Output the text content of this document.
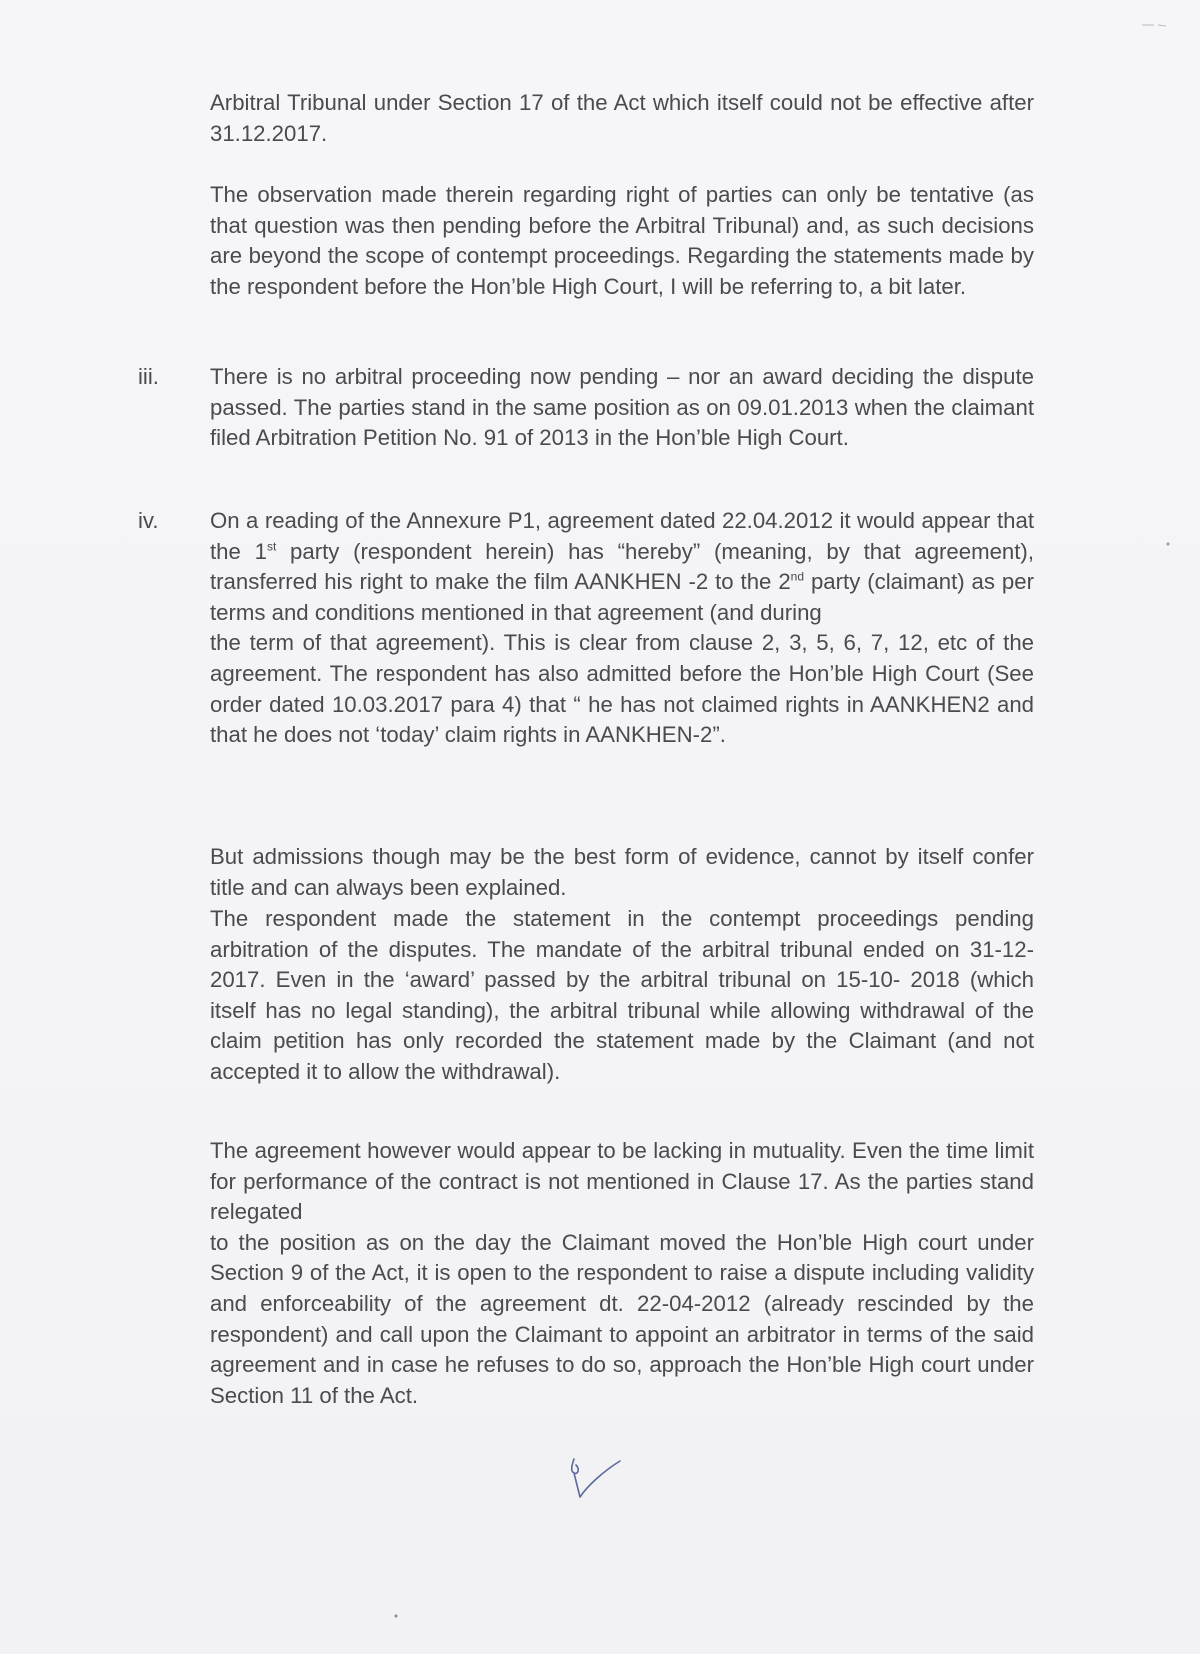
Arbitral Tribunal under Section 17 of the Act which itself could not be effective after 31.12.2017.

The observation made therein regarding right of parties can only be tentative (as that question was then pending before the Arbitral Tribunal) and, as such decisions are beyond the scope of contempt proceedings. Regarding the statements made by the respondent before the Hon’ble High Court, I will be referring to, a bit later.

iii. There is no arbitral proceeding now pending – nor an award deciding the dispute passed. The parties stand in the same position as on 09.01.2013 when the claimant filed Arbitration Petition No. 91 of 2013 in the Hon’ble High Court.

iv. On a reading of the Annexure P1, agreement dated 22.04.2012 it would appear that the 1st party (respondent herein) has “hereby” (meaning, by that agreement), transferred his right to make the film AANKHEN -2 to the 2nd party (claimant) as per terms and conditions mentioned in that agreement (and during
the term of that agreement). This is clear from clause 2, 3, 5, 6, 7, 12, etc of the agreement. The respondent has also admitted before the Hon’ble High Court (See order dated 10.03.2017 para 4) that “ he has not claimed rights in AANKHEN2 and that he does not ‘today’ claim rights in AANKHEN-2”.

But admissions though may be the best form of evidence, cannot by itself confer title and can always been explained.

The respondent made the statement in the contempt proceedings pending arbitration of the disputes. The mandate of the arbitral tribunal ended on 31-12-2017. Even in the ‘award’ passed by the arbitral tribunal on 15-10- 2018 (which itself has no legal standing), the arbitral tribunal while allowing withdrawal of the claim petition has only recorded the statement made by the Claimant (and not accepted it to allow the withdrawal).

The agreement however would appear to be lacking in mutuality. Even the time limit for performance of the contract is not mentioned in Clause 17. As the parties stand relegated
to the position as on the day the Claimant moved the Hon’ble High court under Section 9 of the Act, it is open to the respondent to raise a dispute including validity and enforceability of the agreement dt. 22-04-2012 (already rescinded by the respondent) and call upon the Claimant to appoint an arbitrator in terms of the said agreement and in case he refuses to do so, approach the Hon’ble High court under Section 11 of the Act.
